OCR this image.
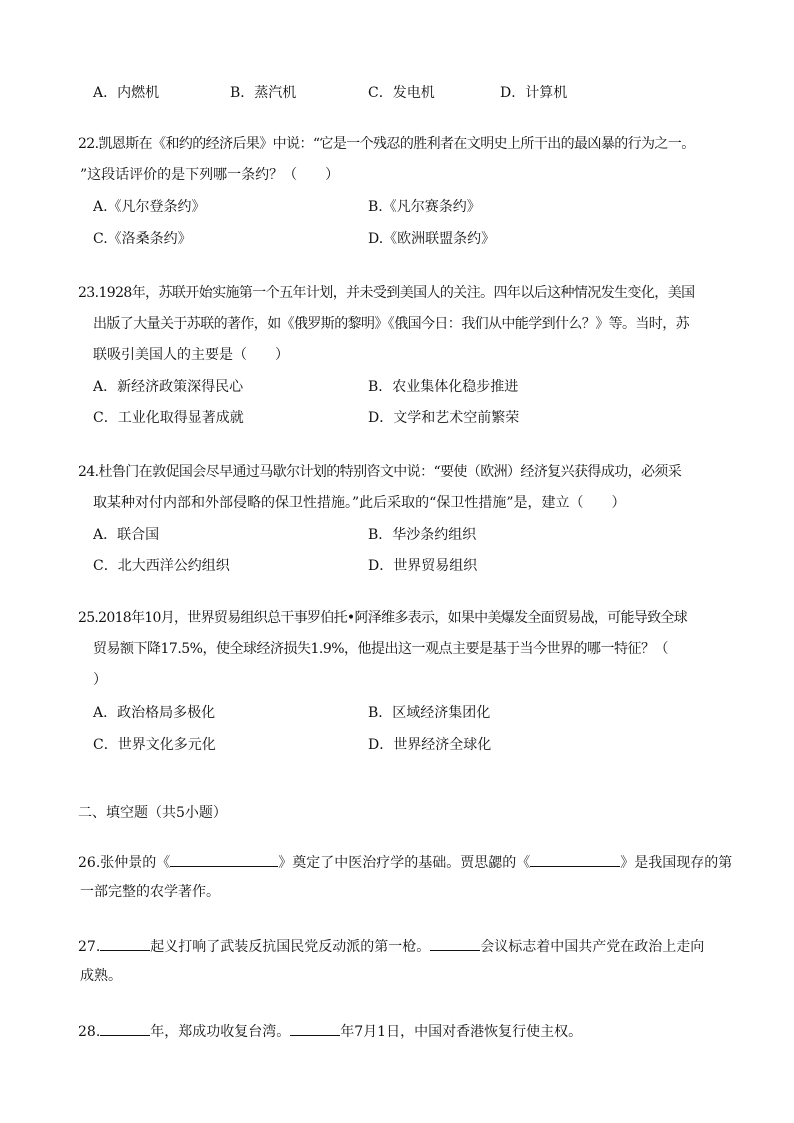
A．内燃机	B．蒸汽机	C．发电机	D．计算机
22.凯恩斯在《和约的经济后果》中说：“它是一个残忍的胜利者在文明史上所干出的最凶暴的行为之一。
”这段话评价的是下列哪一条约？（　　）
A.《凡尔登条约》	B.《凡尔赛条约》
C.《洛桑条约》	D.《欧洲联盟条约》
23.1928年，苏联开始实施第一个五年计划，并未受到美国人的关注。四年以后这种情况发生变化，美国
出版了大量关于苏联的著作，如《俄罗斯的黎明》《俄国今日：我们从中能学到什么？》等。当时，苏
联吸引美国人的主要是（　　）
A．新经济政策深得民心	B．农业集体化稳步推进
C．工业化取得显著成就	D．文学和艺术空前繁荣
24.杜鲁门在敦促国会尽早通过马歇尔计划的特别咨文中说：“要使（欧洲）经济复兴获得成功，必须采
取某种对付内部和外部侵略的保卫性措施。”此后采取的“保卫性措施”是，建立（　　）
A．联合国	B．华沙条约组织
C．北大西洋公约组织	D．世界贸易组织
25.2018年10月，世界贸易组织总干事罗伯托•阿泽维多表示，如果中美爆发全面贸易战，可能导致全球
贸易额下降17.5%，使全球经济损失1.9%，他提出这一观点主要是基于当今世界的哪一特征？（
）
A．政治格局多极化	B．区域经济集团化
C．世界文化多元化	D．世界经济全球化
二、填空题（共5小题）
26.张仲景的《	》奠定了中医治疗学的基础。贾思勰的《	》是我国现存的第
一部完整的农学著作。
27.	起义打响了武装反抗国民党反动派的第一枪。	会议标志着中国共产党在政治上走向
成熟。
28.	年，郑成功收复台湾。	年7月1日，中国对香港恢复行使主权。
